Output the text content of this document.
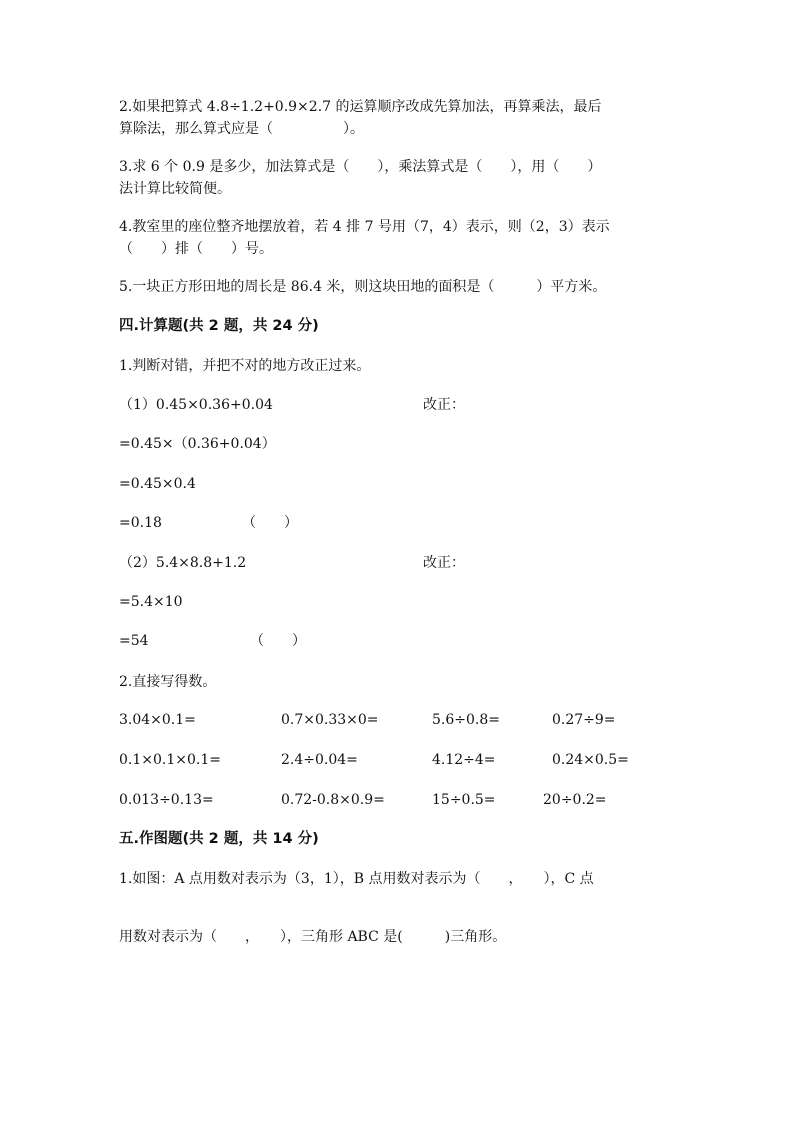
2.如果把算式 4.8÷1.2+0.9×2.7 的运算顺序改成先算加法，再算乘法，最后
算除法，那么算式应是（　　　　　）。
3.求 6 个 0.9 是多少，加法算式是（　　），乘法算式是（　　），用（　　）
法计算比较简便。
4.教室里的座位整齐地摆放着，若 4 排 7 号用（7，4）表示，则（2，3）表示
（　　）排（　　）号。
5.一块正方形田地的周长是 86.4 米，则这块田地的面积是（　　　）平方米。
四.计算题(共 2 题，共 24 分)
1.判断对错，并把不对的地方改正过来。
（1）0.45×0.36+0.04	改正：
=0.45×（0.36+0.04）
=0.45×0.4
=0.18	（　　）
（2）5.4×8.8+1.2	改正：
=5.4×10
=54	（　　）
2.直接写得数。
3.04×0.1=	0.7×0.33×0=	5.6÷0.8=	0.27÷9=
0.1×0.1×0.1=	2.4÷0.04=	4.12÷4=	0.24×0.5=
0.013÷0.13=	0.72-0.8×0.9=	15÷0.5=	20÷0.2=
五.作图题(共 2 题，共 14 分)
1.如图：A 点用数对表示为（3，1），B 点用数对表示为（　　，　　），C 点
用数对表示为（　　，　　），三角形 ABC 是(　　　)三角形。
